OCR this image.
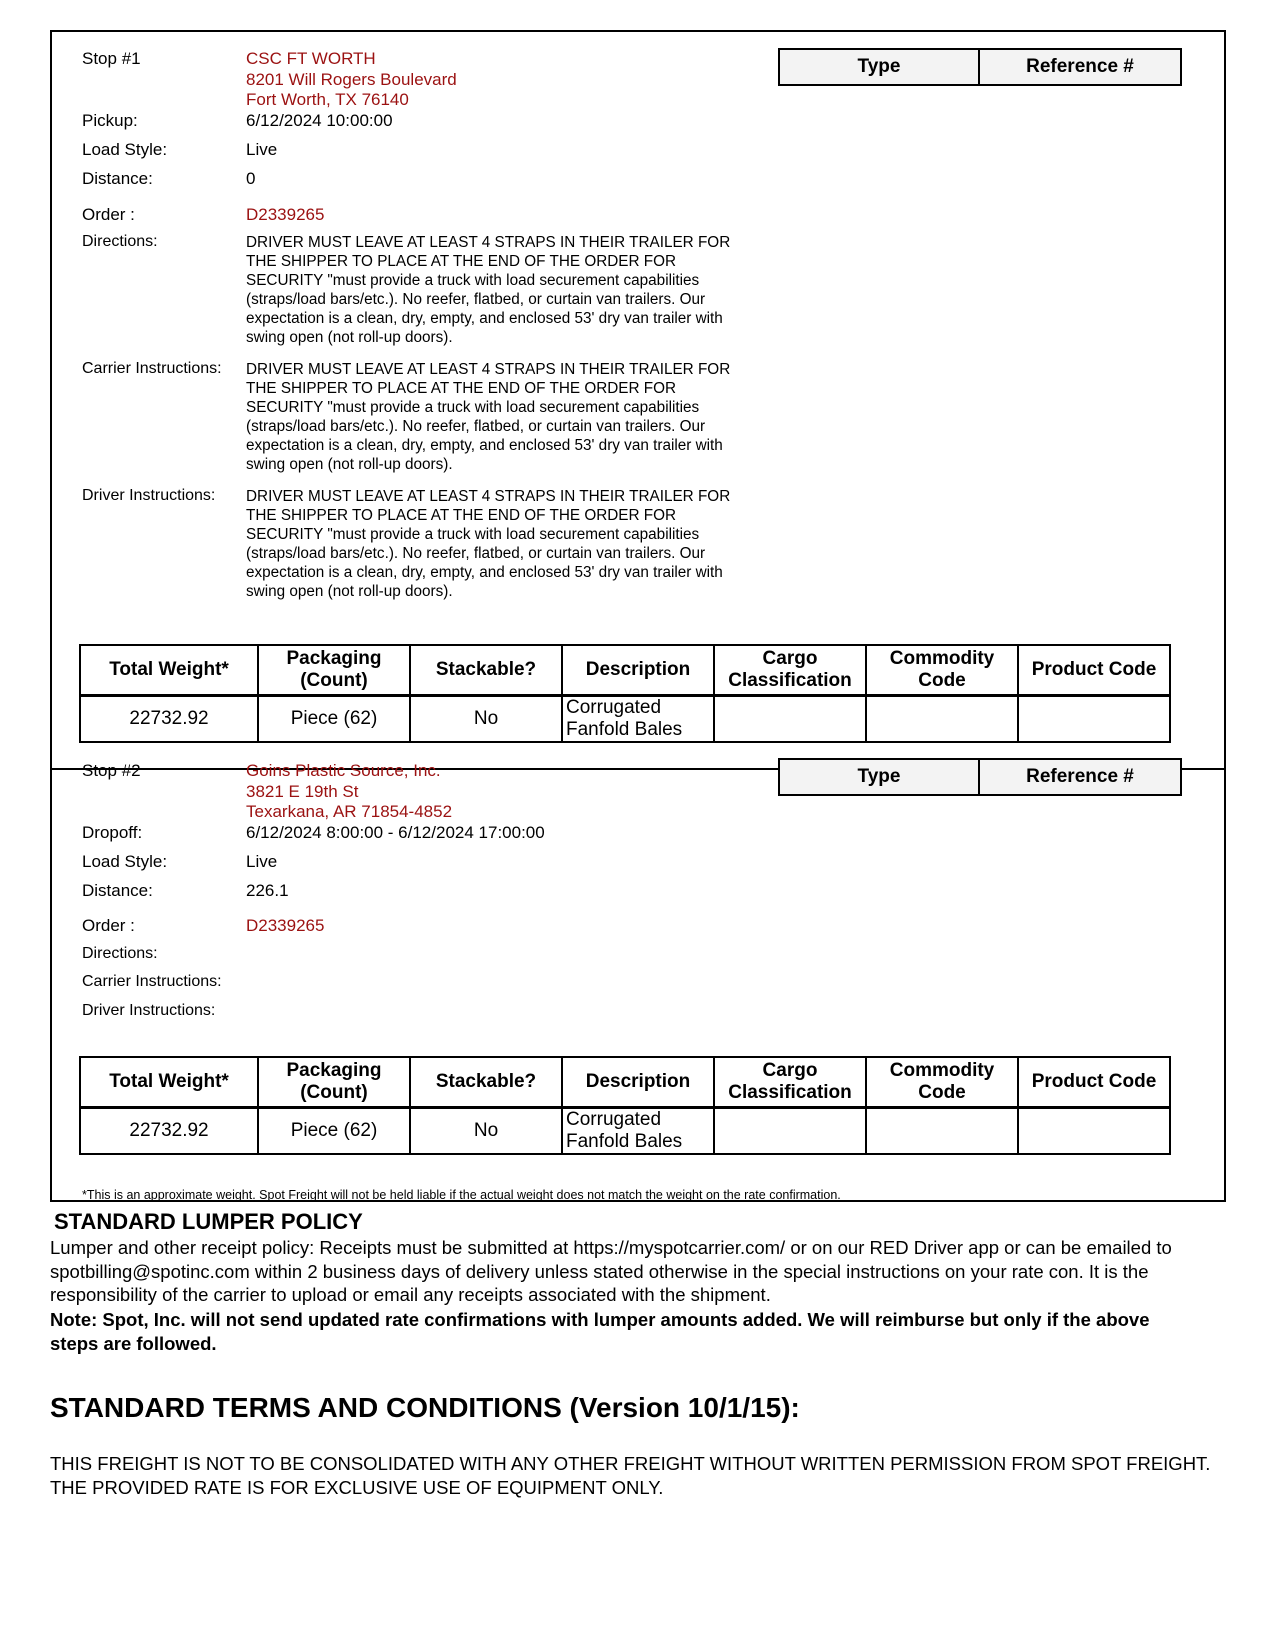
Stop #1	CSC FT WORTH
8201 Will Rogers Boulevard
Fort Worth, TX 76140
Pickup:	6/12/2024 10:00:00
Load Style:	Live
Distance:	0
Order :	D2339265
Directions:	DRIVER MUST LEAVE AT LEAST 4 STRAPS IN THEIR TRAILER FOR THE SHIPPER TO PLACE AT THE END OF THE ORDER FOR SECURITY "must provide a truck with load securement capabilities (straps/load bars/etc.). No reefer, flatbed, or curtain van trailers. Our expectation is a clean, dry, empty, and enclosed 53' dry van trailer with swing open (not roll-up doors).
Carrier Instructions: DRIVER MUST LEAVE AT LEAST 4 STRAPS IN THEIR TRAILER FOR THE SHIPPER TO PLACE AT THE END OF THE ORDER FOR SECURITY "must provide a truck with load securement capabilities (straps/load bars/etc.). No reefer, flatbed, or curtain van trailers. Our expectation is a clean, dry, empty, and enclosed 53' dry van trailer with swing open (not roll-up doors).
Driver Instructions: DRIVER MUST LEAVE AT LEAST 4 STRAPS IN THEIR TRAILER FOR THE SHIPPER TO PLACE AT THE END OF THE ORDER FOR SECURITY "must provide a truck with load securement capabilities (straps/load bars/etc.). No reefer, flatbed, or curtain van trailers. Our expectation is a clean, dry, empty, and enclosed 53' dry van trailer with swing open (not roll-up doors).
Type	Reference #
Total Weight*	Packaging (Count)	Stackable?	Description	Cargo Classification	Commodity Code	Product Code
22732.92	Piece (62)	No	Corrugated Fanfold Bales			
Stop #2	Goins Plastic Source, Inc.
3821 E 19th St
Texarkana, AR 71854-4852
Dropoff:	6/12/2024 8:00:00 - 6/12/2024 17:00:00
Load Style:	Live
Distance:	226.1
Order :	D2339265
Directions:
Carrier Instructions:
Driver Instructions:
Type	Reference #
Total Weight*	Packaging (Count)	Stackable?	Description	Cargo Classification	Commodity Code	Product Code
22732.92	Piece (62)	No	Corrugated Fanfold Bales			
*This is an approximate weight. Spot Freight will not be held liable if the actual weight does not match the weight on the rate confirmation.
STANDARD LUMPER POLICY
Lumper and other receipt policy: Receipts must be submitted at https://myspotcarrier.com/ or on our RED Driver app or can be emailed to spotbilling@spotinc.com within 2 business days of delivery unless stated otherwise in the special instructions on your rate con. It is the responsibility of the carrier to upload or email any receipts associated with the shipment.
Note: Spot, Inc. will not send updated rate confirmations with lumper amounts added. We will reimburse but only if the above steps are followed.
STANDARD TERMS AND CONDITIONS (Version 10/1/15):
THIS FREIGHT IS NOT TO BE CONSOLIDATED WITH ANY OTHER FREIGHT WITHOUT WRITTEN PERMISSION FROM SPOT FREIGHT. THE PROVIDED RATE IS FOR EXCLUSIVE USE OF EQUIPMENT ONLY.
